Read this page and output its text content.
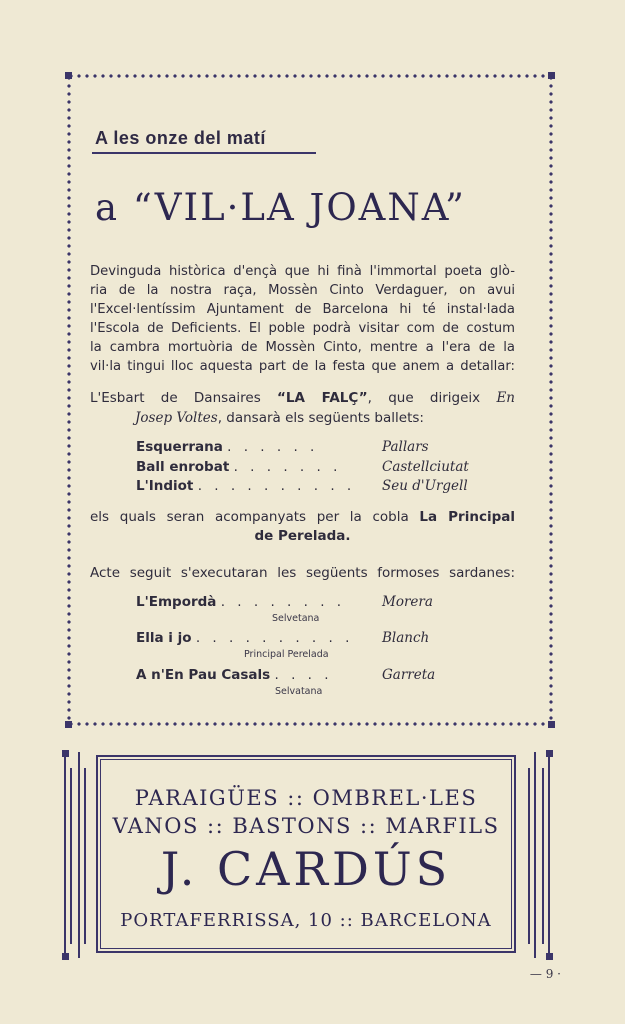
A les onze del matí
a “VIL·LA JOANA”
Devinguda històrica d'ençà que hi finà l'immortal poeta glò-
ria de la nostra raça, Mossèn Cinto Verdaguer, on avui
l'Excel·lentíssim Ajuntament de Barcelona hi té instal·lada
l'Escola de Deficients. El poble podrà visitar com de costum
la cambra mortuòria de Mossèn Cinto, mentre a l'era de la
vil·la tingui lloc aquesta part de la festa que anem a detallar:
L'Esbart de Dansaires “LA FALÇ”, que dirigeix En
Josep Voltes, dansarà els següents ballets:
Esquerrana . . . . . .	Pallars
Ball enrobat . . . . . . .	Castellciutat
L'Indiot . . . . . . . . . . Seu d'Urgell
els quals seran acompanyats per la cobla La Principal
de Perelada.
Acte seguit s'executaran les següents formoses sardanes:
L'Empordà . . . . . . . .	Morera
Selvetana
Ella i jo . . . . . . . . . . Blanch
Principal Perelada
A n'En Pau Casals . . . .	Garreta
Selvatana
PARAIGÜES :: OMBREL·LES
VANOS :: BASTONS :: MARFILS
J. CARDÚS
PORTAFERRISSA, 10 :: BARCELONA
— 9 ·
